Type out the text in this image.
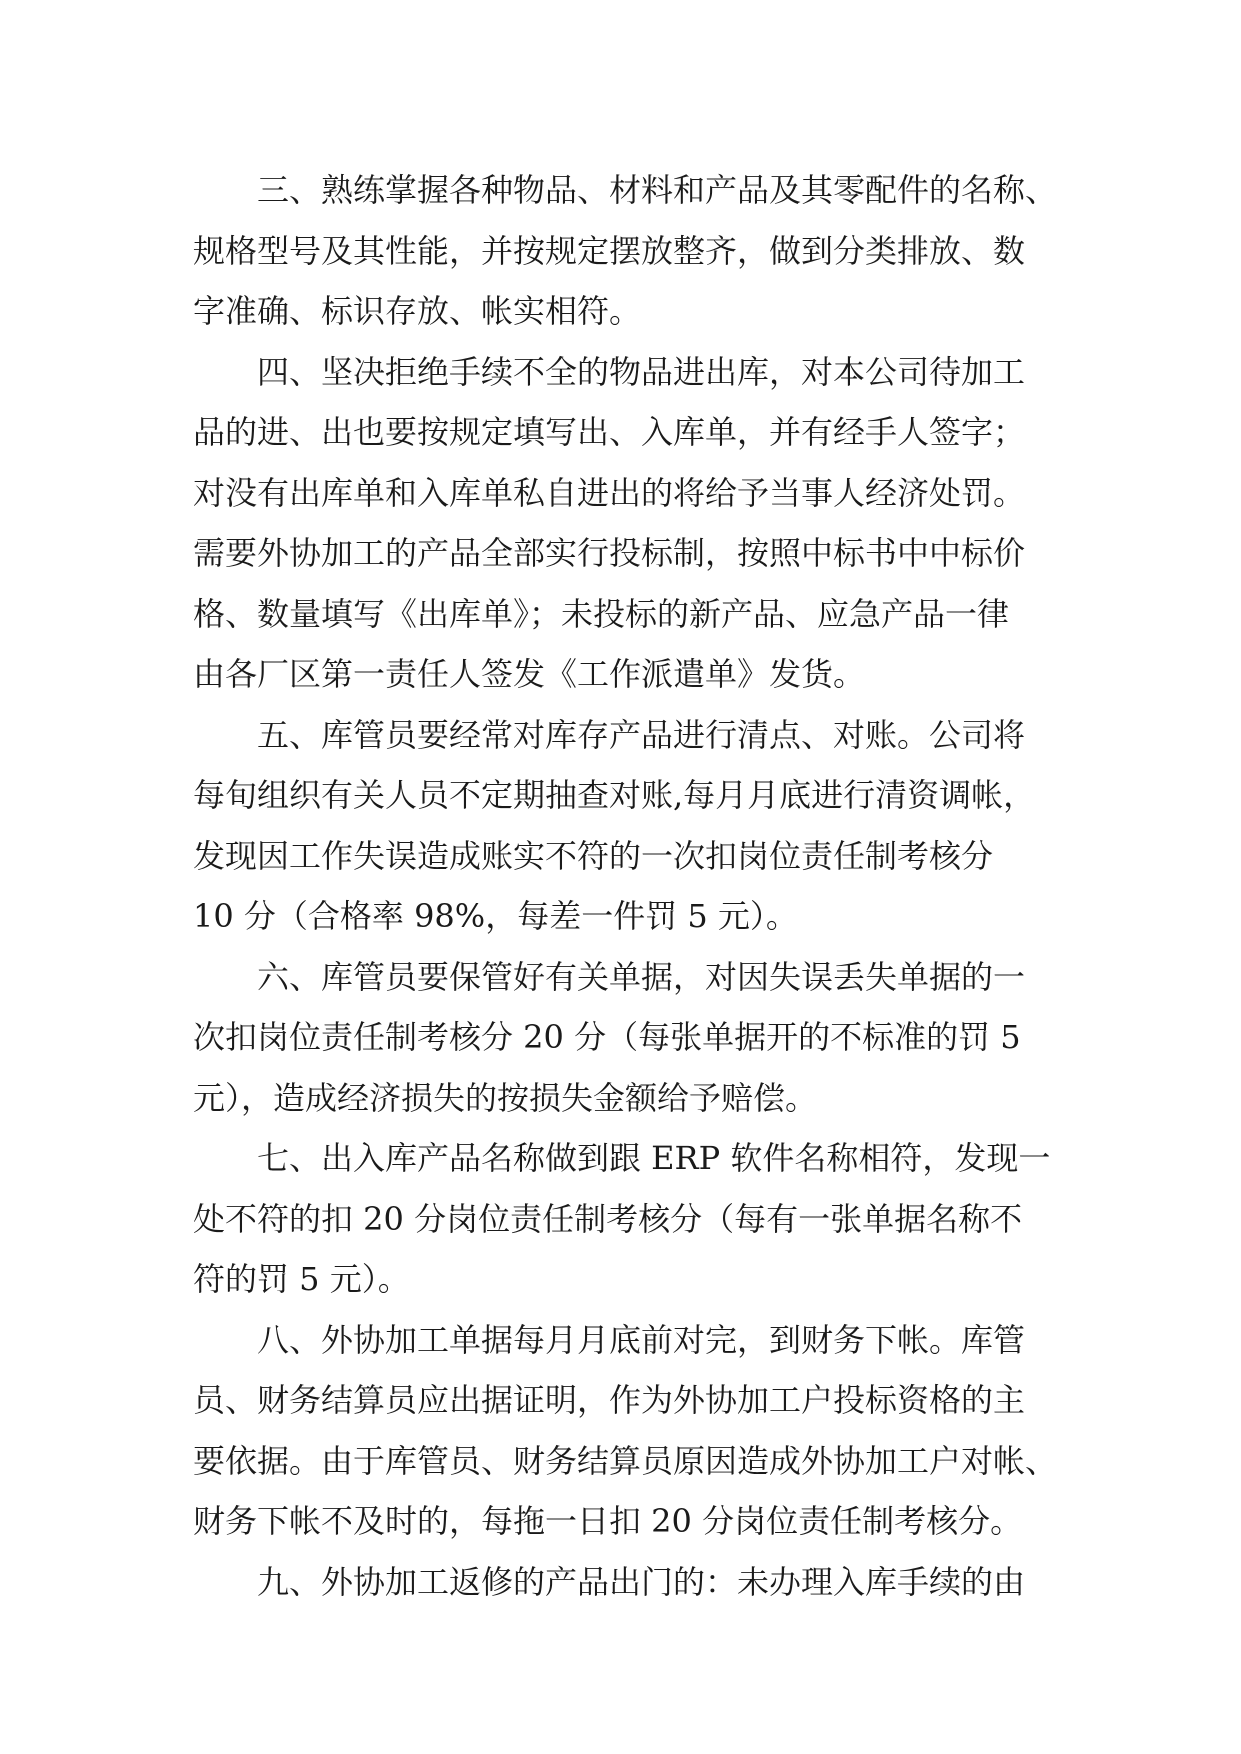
三、熟练掌握各种物品、材料和产品及其零配件的名称、
规格型号及其性能，并按规定摆放整齐，做到分类排放、数
字准确、标识存放、帐实相符。

四、坚决拒绝手续不全的物品进出库，对本公司待加工
品的进、出也要按规定填写出、入库单，并有经手人签字；
对没有出库单和入库单私自进出的将给予当事人经济处罚。
需要外协加工的产品全部实行投标制，按照中标书中中标价
格、数量填写《出库单》；未投标的新产品、应急产品一律
由各厂区第一责任人签发《工作派遣单》发货。

五、库管员要经常对库存产品进行清点、对账。公司将
每旬组织有关人员不定期抽查对账,每月月底进行清资调帐，
发现因工作失误造成账实不符的一次扣岗位责任制考核分
10 分（合格率 98%，每差一件罚 5 元）。

六、库管员要保管好有关单据，对因失误丢失单据的一
次扣岗位责任制考核分 20 分（每张单据开的不标准的罚 5
元），造成经济损失的按损失金额给予赔偿。

七、出入库产品名称做到跟 ERP 软件名称相符，发现一
处不符的扣 20 分岗位责任制考核分（每有一张单据名称不
符的罚 5 元）。

八、外协加工单据每月月底前对完，到财务下帐。库管
员、财务结算员应出据证明，作为外协加工户投标资格的主
要依据。由于库管员、财务结算员原因造成外协加工户对帐、
财务下帐不及时的，每拖一日扣 20 分岗位责任制考核分。

九、外协加工返修的产品出门的：未办理入库手续的由
